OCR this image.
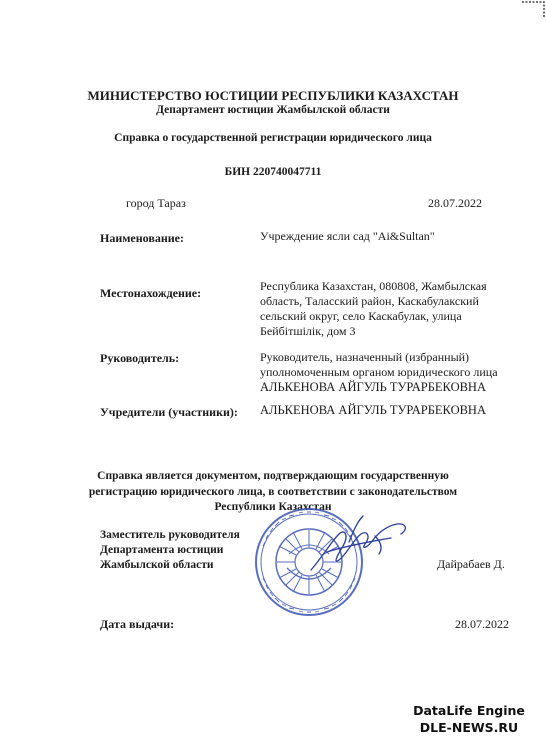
МИНИСТЕРСТВО ЮСТИЦИИ РЕСПУБЛИКИ КАЗАХСТАН
Департамент юстиции Жамбылской области
Справка о государственной регистрации юридического лица
БИН 220740047711
город Тараз	28.07.2022
Наименование:	Учреждение ясли сад "Ai&Sultan"
Местонахождение:	Республика Казахстан, 080808, Жамбылская
область, Таласский район, Каскабулакский
сельский округ, село Каскабулак, улица
Бейбітшілік, дом 3
Руководитель:	Руководитель, назначенный (избранный)
уполномоченным органом юридического лица
АЛЬКЕНОВА АЙГУЛЬ ТУРАРБЕКОВНА
Учредители (участники): АЛЬКЕНОВА АЙГУЛЬ ТУРАРБЕКОВНА
Справка является документом, подтверждающим государственную
регистрацию юридического лица, в соответствии с законодательством
Республики Казахстан
Заместитель руководителя
Департамента юстиции
Жамбылской области	Дайрабаев Д.
Дата выдачи:	28.07.2022
DataLife Engine
DLE-NEWS.RU
